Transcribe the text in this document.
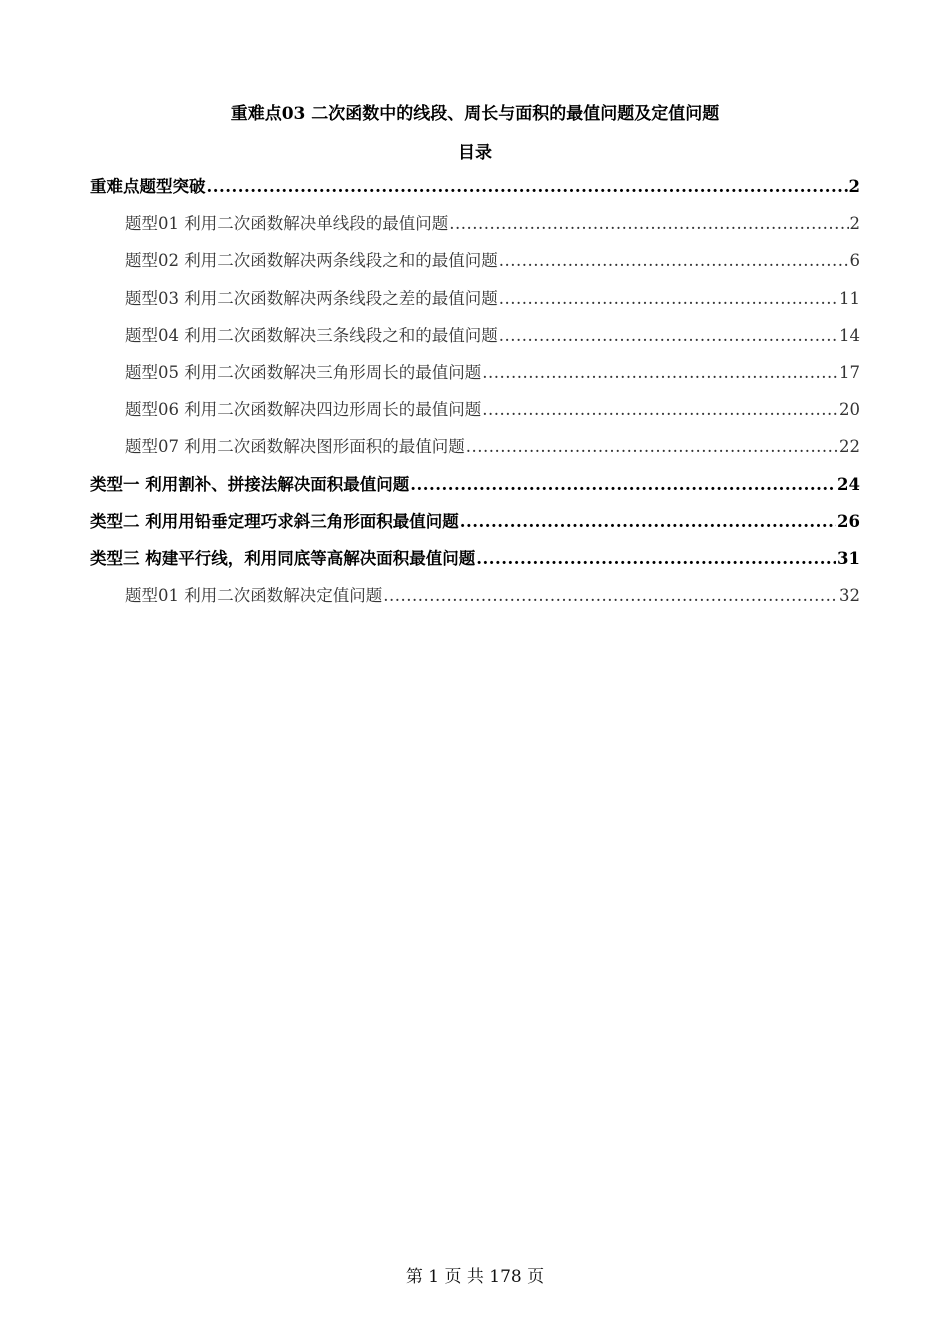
重难点03 二次函数中的线段、周长与面积的最值问题及定值问题
目录
重难点题型突破 .....	2
题型01 利用二次函数解决单线段的最值问题 .....	2
题型02 利用二次函数解决两条线段之和的最值问题 .....	6
题型03 利用二次函数解决两条线段之差的最值问题 .....	11
题型04 利用二次函数解决三条线段之和的最值问题 .....	14
题型05 利用二次函数解决三角形周长的最值问题 .....	17
题型06 利用二次函数解决四边形周长的最值问题 .....	20
题型07 利用二次函数解决图形面积的最值问题 .....	22
类型一 利用割补、拼接法解决面积最值问题 .....	24
类型二 利用用铅垂定理巧求斜三角形面积最值问题 .....	26
类型三 构建平行线，利用同底等高解决面积最值问题 .....	31
题型01 利用二次函数解决定值问题 .....	32
第 1 页 共 178 页
